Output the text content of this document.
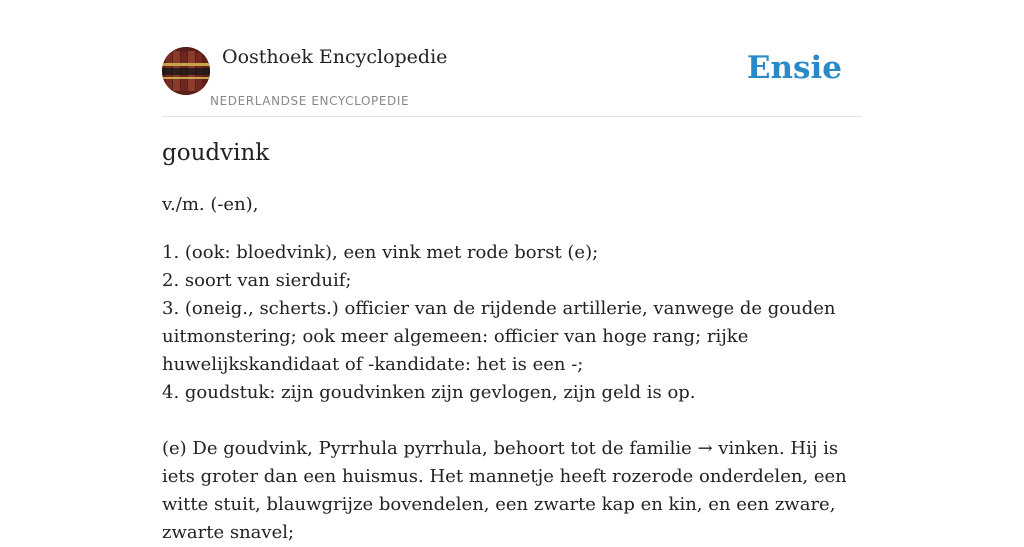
Oosthoek Encyclopedie
NEDERLANDSE ENCYCLOPEDIE
Ensie
goudvink
v./m. (-en),

1. (ook: bloedvink), een vink met rode borst (e);

2. soort van sierduif;

3. (oneig., scherts.) officier van de rijdende artillerie, vanwege de gouden uitmonstering; ook meer algemeen: officier van hoge rang; rijke huwelijkskandidaat of -kandidate: het is een -;

4. goudstuk: zijn goudvinken zijn gevlogen, zijn geld is op.

(e) De goudvink, Pyrrhula pyrrhula, behoort tot de familie → vinken. Hij is iets groter dan een huismus. Het mannetje heeft rozerode onderdelen, een witte stuit, blauwgrijze bovendelen, een zwarte kap en kin, en een zware, zwarte snavel;
